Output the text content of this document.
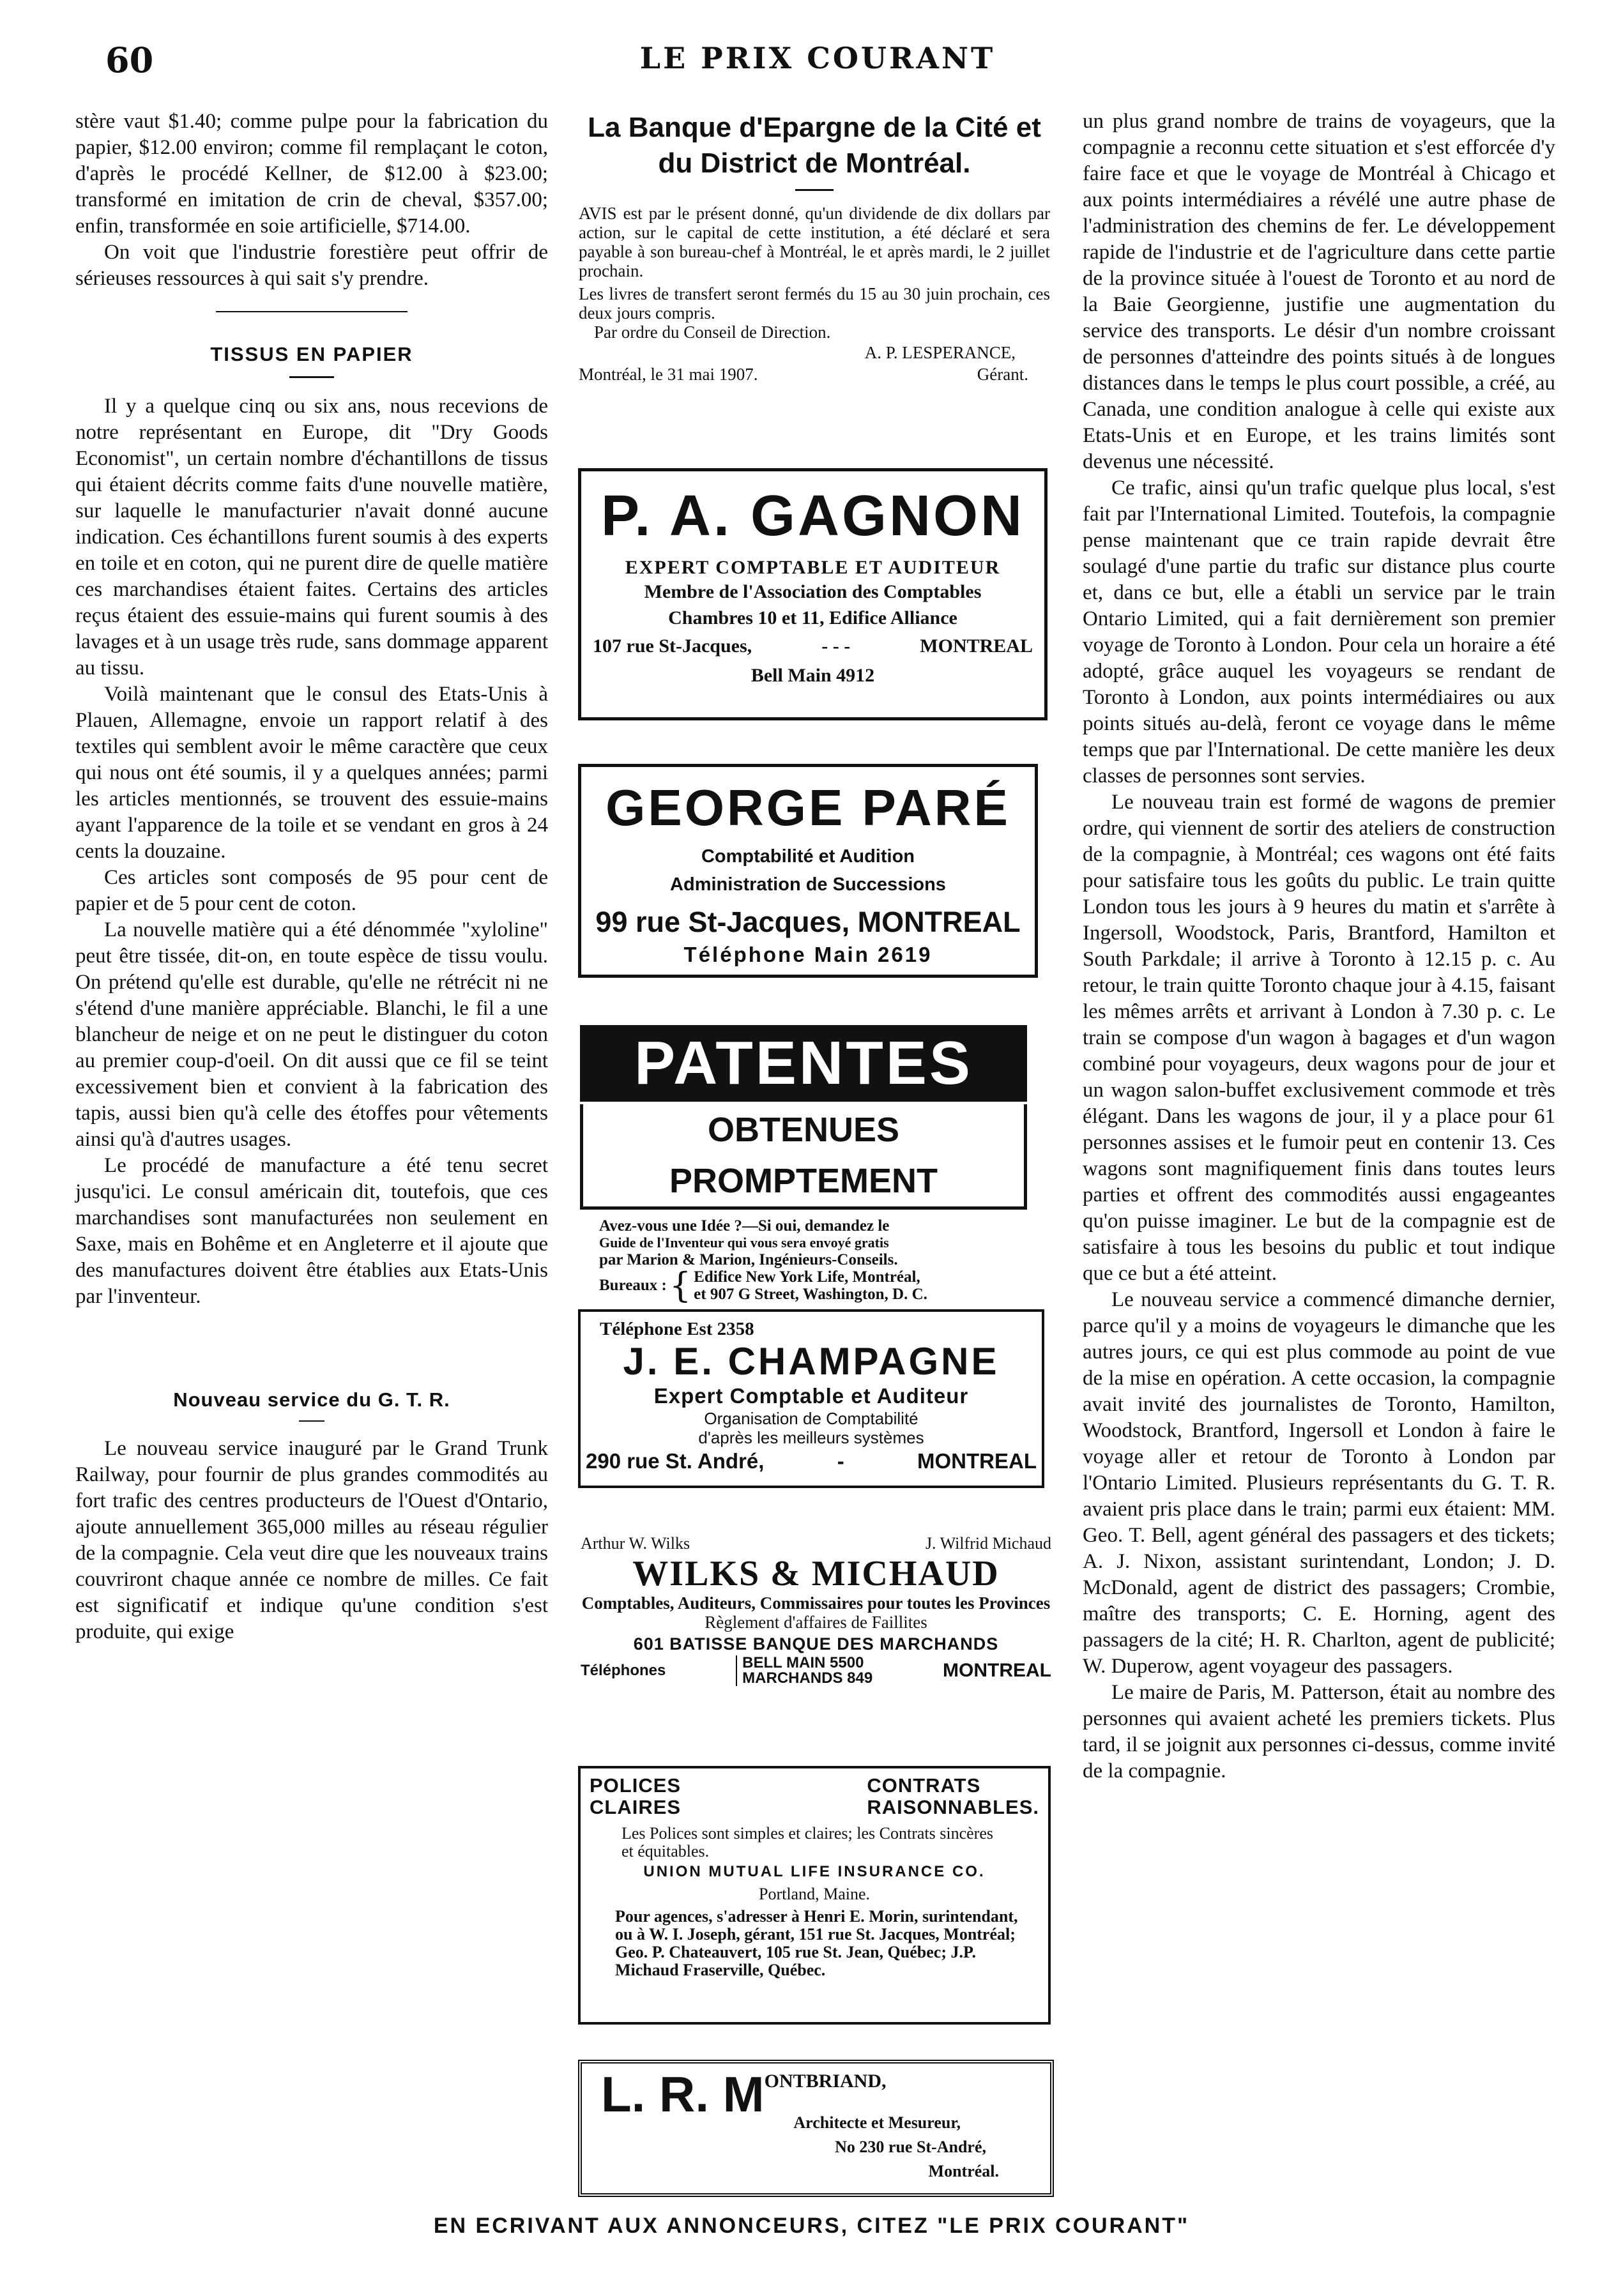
60	LE PRIX COURANT

stère vaut $1.40; comme pulpe pour la fabrication du papier, $12.00 environ; comme fil remplaçant le coton, d'après le procédé Kellner, de $12.00 à $23.00; transformé en imitation de crin de cheval, $357.00; enfin, transformée en soie artificielle, $714.00.

On voit que l'industrie forestière peut offrir de sérieuses ressources à qui sait s'y prendre.

TISSUS EN PAPIER

Il y a quelque cinq ou six ans, nous recevions de notre représentant en Europe, dit "Dry Goods Economist", un certain nombre d'échantillons de tissus qui étaient décrits comme faits d'une nouvelle matière, sur laquelle le manufacturier n'avait donné aucune indication. Ces échantillons furent soumis à des experts en toile et en coton, qui ne purent dire de quelle matière ces marchandises étaient faites. Certains des articles reçus étaient des essuie-mains qui furent soumis à des lavages et à un usage très rude, sans dommage apparent au tissu.

Voilà maintenant que le consul des Etats-Unis à Plauen, Allemagne, envoie un rapport relatif à des textiles qui semblent avoir le même caractère que ceux qui nous ont été soumis, il y a quelques années; parmi les articles mentionnés, se trouvent des essuie-mains ayant l'apparence de la toile et se vendant en gros à 24 cents la douzaine.

Ces articles sont composés de 95 pour cent de papier et de 5 pour cent de coton.

La nouvelle matière qui a été dénommée "xyloline" peut être tissée, dit-on, en toute espèce de tissu voulu. On prétend qu'elle est durable, qu'elle ne rétrécit ni ne s'étend d'une manière appréciable. Blanchi, le fil a une blancheur de neige et on ne peut le distinguer du coton au premier coup-d'oeil. On dit aussi que ce fil se teint excessivement bien et convient à la fabrication des tapis, aussi bien qu'à celle des étoffes pour vêtements ainsi qu'à d'autres usages.

Le procédé de manufacture a été tenu secret jusqu'ici. Le consul américain dit, toutefois, que ces marchandises sont manufacturées non seulement en Saxe, mais en Bohême et en Angleterre et il ajoute que des manufactures doivent être établies aux Etats-Unis par l'inventeur.

Nouveau service du G. T. R.

Le nouveau service inauguré par le Grand Trunk Railway, pour fournir de plus grandes commodités au fort trafic des centres producteurs de l'Ouest d'Ontario, ajoute annuellement 365,000 milles au réseau régulier de la compagnie. Cela veut dire que les nouveaux trains couvriront chaque année ce nombre de milles. Ce fait est significatif et indique qu'une condition s'est produite, qui exige

La Banque d'Epargne de la Cité et du District de Montréal.
AVIS est par le présent donné, qu'un dividende de dix dollars par action, sur le capital de cette institution, a été déclaré et sera payable à son bureau-chef à Montréal, le et après mardi, le 2 juillet prochain.
Les livres de transfert seront fermés du 15 au 30 juin prochain, ces deux jours compris.
Par ordre du Conseil de Direction.
A. P. LESPERANCE,
Montréal, le 31 mai 1907.	Gérant.
P. A. GAGNON
EXPERT COMPTABLE ET AUDITEUR
Membre de l'Association des Comptables
Chambres 10 et 11, Edifice Alliance
107 rue St-Jacques,	- - -	MONTREAL
Bell Main 4912
GEORGE PARÉ
Comptabilité et Audition
Administration de Successions
99 rue St-Jacques, MONTREAL
Téléphone Main 2619
PATENTES
OBTENUES PROMPTEMENT
Avez-vous une Idée ?—Si oui, demandez le
Guide de l'Inventeur qui vous sera envoyé gratis
par Marion & Marion, Ingénieurs-Conseils.
Bureaux : { Edifice New York Life, Montréal,
et 907 G Street, Washington, D. C.
Téléphone Est 2358
J. E. CHAMPAGNE
Expert Comptable et Auditeur
Organisation de Comptabilité
d'après les meilleurs systèmes
290 rue St. André,	-	MONTREAL
Arthur W. Wilks	J. Wilfrid Michaud
WILKS & MICHAUD
Comptables, Auditeurs, Commissaires pour toutes les Provinces
Règlement d'affaires de Faillites
601 BATISSE BANQUE DES MARCHANDS
Téléphones	BELL MAIN 5500
MARCHANDS 849	MONTREAL
POLICES
CLAIRES
CONTRATS
RAISONNABLES.
Les Polices sont simples et claires; les Contrats sincères et équitables.
UNION MUTUAL LIFE INSURANCE CO.
Portland, Maine.
Pour agences, s'adresser à Henri E. Morin, surintendant, ou à W. I. Joseph, gérant, 151 rue St. Jacques, Montréal; Geo. P. Chateauvert, 105 rue St. Jean, Québec; J.P. Michaud Fraserville, Québec.
L. R. MONTBRIAND,
Architecte et Mesureur,
No 230 rue St-André,
Montréal.

un plus grand nombre de trains de voyageurs, que la compagnie a reconnu cette situation et s'est efforcée d'y faire face et que le voyage de Montréal à Chicago et aux points intermédiaires a révélé une autre phase de l'administration des chemins de fer. Le développement rapide de l'industrie et de l'agriculture dans cette partie de la province située à l'ouest de Toronto et au nord de la Baie Georgienne, justifie une augmentation du service des transports. Le désir d'un nombre croissant de personnes d'atteindre des points situés à de longues distances dans le temps le plus court possible, a créé, au Canada, une condition analogue à celle qui existe aux Etats-Unis et en Europe, et les trains limités sont devenus une nécessité.

Ce trafic, ainsi qu'un trafic quelque plus local, s'est fait par l'International Limited. Toutefois, la compagnie pense maintenant que ce train rapide devrait être soulagé d'une partie du trafic sur distance plus courte et, dans ce but, elle a établi un service par le train Ontario Limited, qui a fait dernièrement son premier voyage de Toronto à London. Pour cela un horaire a été adopté, grâce auquel les voyageurs se rendant de Toronto à London, aux points intermédiaires ou aux points situés au-delà, feront ce voyage dans le même temps que par l'International. De cette manière les deux classes de personnes sont servies.

Le nouveau train est formé de wagons de premier ordre, qui viennent de sortir des ateliers de construction de la compagnie, à Montréal; ces wagons ont été faits pour satisfaire tous les goûts du public. Le train quitte London tous les jours à 9 heures du matin et s'arrête à Ingersoll, Woodstock, Paris, Brantford, Hamilton et South Parkdale; il arrive à Toronto à 12.15 p. c. Au retour, le train quitte Toronto chaque jour à 4.15, faisant les mêmes arrêts et arrivant à London à 7.30 p. c. Le train se compose d'un wagon à bagages et d'un wagon combiné pour voyageurs, deux wagons pour de jour et un wagon salon-buffet exclusivement commode et très élégant. Dans les wagons de jour, il y a place pour 61 personnes assises et le fumoir peut en contenir 13. Ces wagons sont magnifiquement finis dans toutes leurs parties et offrent des commodités aussi engageantes qu'on puisse imaginer. Le but de la compagnie est de satisfaire à tous les besoins du public et tout indique que ce but a été atteint.

Le nouveau service a commencé dimanche dernier, parce qu'il y a moins de voyageurs le dimanche que les autres jours, ce qui est plus commode au point de vue de la mise en opération. A cette occasion, la compagnie avait invité des journalistes de Toronto, Hamilton, Woodstock, Brantford, Ingersoll et London à faire le voyage aller et retour de Toronto à London par l'Ontario Limited. Plusieurs représentants du G. T. R. avaient pris place dans le train; parmi eux étaient: MM. Geo. T. Bell, agent général des passagers et des tickets; A. J. Nixon, assistant surintendant, London; J. D. McDonald, agent de district des passagers; Crombie, maître des transports; C. E. Horning, agent des passagers de la cité; H. R. Charlton, agent de publicité; W. Duperow, agent voyageur des passagers.

Le maire de Paris, M. Patterson, était au nombre des personnes qui avaient acheté les premiers tickets. Plus tard, il se joignit aux personnes ci-dessus, comme invité de la compagnie.

EN ECRIVANT AUX ANNONCEURS, CITEZ "LE PRIX COURANT"
